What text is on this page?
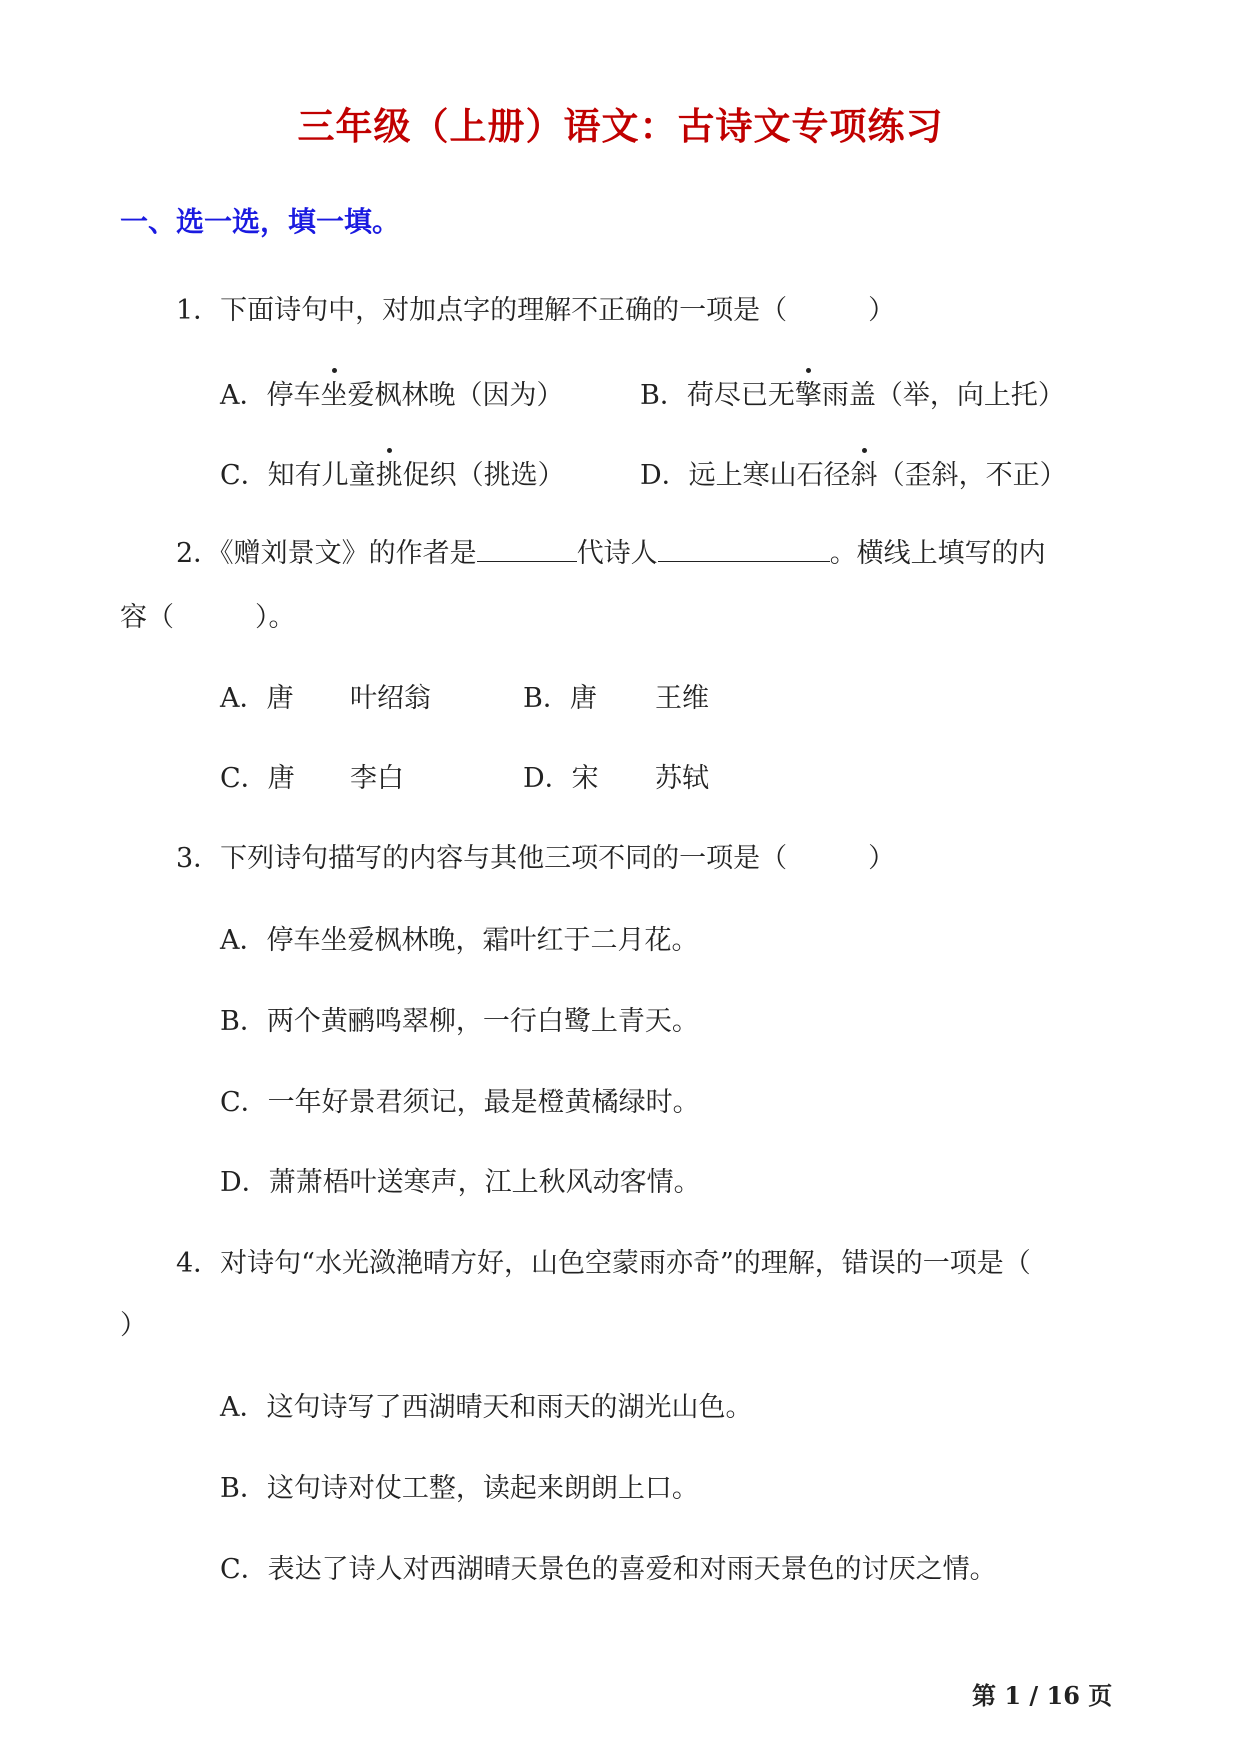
三年级（上册）语文：古诗文专项练习
一、选一选，填一填。
1．下面诗句中，对加点字的理解不正确的一项是（　　　）
A．停车坐爱枫林晚（因为）	B．荷尽已无擎雨盖（举，向上托）
C．知有儿童挑促织（挑选）	D．远上寒山石径斜（歪斜，不正）
2．《赠刘景文》的作者是	代诗人	。横线上填写的内
容（　　　）。
A．唐 叶绍翁	B．唐 王维
C．唐 李白	D．宋 苏轼
3．下列诗句描写的内容与其他三项不同的一项是（　　　）
A．停车坐爱枫林晚，霜叶红于二月花。
B．两个黄鹂鸣翠柳，一行白鹭上青天。
C．一年好景君须记，最是橙黄橘绿时。
D．萧萧梧叶送寒声，江上秋风动客情。
4．对诗句“水光潋滟晴方好，山色空蒙雨亦奇”的理解，错误的一项是（
）
A．这句诗写了西湖晴天和雨天的湖光山色。
B．这句诗对仗工整，读起来朗朗上口。
C．表达了诗人对西湖晴天景色的喜爱和对雨天景色的讨厌之情。
第 1 / 16 页
